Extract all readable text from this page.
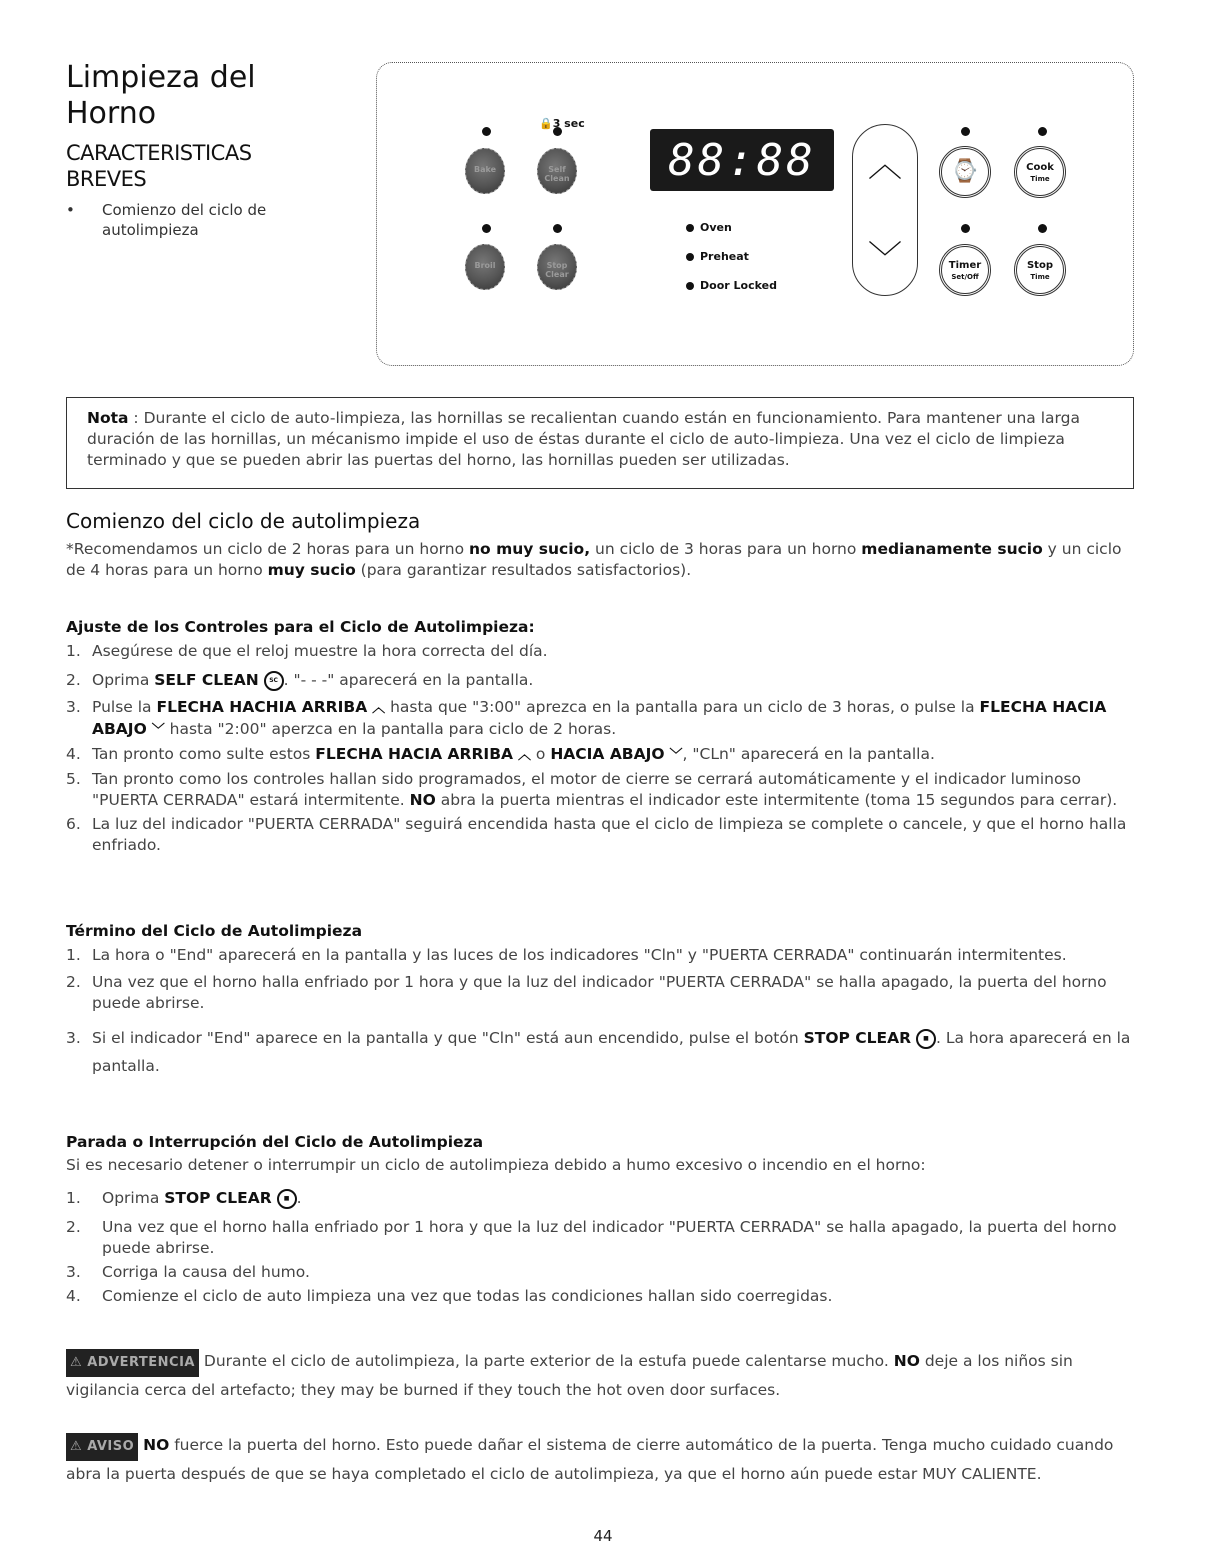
Limpieza del
Horno
CARACTERISTICAS
BREVES
•	Comienzo del ciclo de autolimpieza
🔒3 sec
Bake	Self Clean
Broil	Stop Clear
88:88
Oven
Preheat
Door Locked
︿
﹀
⌚	Cook
Time
Timer
Set/Off
Stop
Time
Nota : Durante el ciclo de auto-limpieza, las hornillas se recalientan cuando están en funcionamiento. Para mantener una larga duración de las hornillas, un mécanismo impide el uso de éstas durante el ciclo de auto-limpieza. Una vez el ciclo de limpieza terminado y que se pueden abrir las puertas del horno, las hornillas pueden ser utilizadas.
Comienzo del ciclo de autolimpieza
*Recomendamos un ciclo de 2 horas para un horno no muy sucio, un ciclo de 3 horas para un horno medianamente sucio y un ciclo de 4 horas para un horno muy sucio (para garantizar resultados satisfactorios).
Ajuste de los Controles para el Ciclo de Autolimpieza:
1. Asegúrese de que el reloj muestre la hora correcta del día.
2. Oprima SELF CLEAN SC . "- - -" aparecerá en la pantalla.
3. Pulse la FLECHA HACHIA ARRIBA ︿ hasta que "3:00" aprezca en la pantalla para un ciclo de 3 horas, o pulse la FLECHA HACIA ABAJO ﹀ hasta "2:00" aperzca en la pantalla para ciclo de 2 horas.
4. Tan pronto como sulte estos FLECHA HACIA ARRIBA ︿ o HACIA ABAJO ﹀, "CLn" aparecerá en la pantalla.
5. Tan pronto como los controles hallan sido programados, el motor de cierre se cerrará automáticamente y el indicador luminoso "PUERTA CERRADA" estará intermitente. NO abra la puerta mientras el indicador este intermitente (toma 15 segundos para cerrar).
6. La luz del indicador "PUERTA CERRADA" seguirá encendida hasta que el ciclo de limpieza se complete o cancele, y que el horno halla enfriado.
Término del Ciclo de Autolimpieza
1. La hora o "End" aparecerá en la pantalla y las luces de los indicadores "Cln" y "PUERTA CERRADA" continuarán intermitentes.
2. Una vez que el horno halla enfriado por 1 hora y que la luz del indicador "PUERTA CERRADA" se halla apagado, la puerta del horno puede abrirse.
3. Si el indicador "End" aparece en la pantalla y que "Cln" está aun encendido, pulse el botón STOP CLEAR ■ . La hora aparecerá en la pantalla.
Parada o Interrupción del Ciclo de Autolimpieza
Si es necesario detener o interrumpir un ciclo de autolimpieza debido a humo excesivo o incendio en el horno:
1. Oprima STOP CLEAR ■ .
2. Una vez que el horno halla enfriado por 1 hora y que la luz del indicador "PUERTA CERRADA" se halla apagado, la puerta del horno puede abrirse.
3. Corriga la causa del humo.
4. Comienze el ciclo de auto limpieza una vez que todas las condiciones hallan sido coerregidas.
⚠ ADVERTENCIA Durante el ciclo de autolimpieza, la parte exterior de la estufa puede calentarse mucho. NO deje a los niños sin vigilancia cerca del artefacto; they may be burned if they touch the hot oven door surfaces.
⚠ AVISO NO fuerce la puerta del horno. Esto puede dañar el sistema de cierre automático de la puerta. Tenga mucho cuidado cuando abra la puerta después de que se haya completado el ciclo de autolimpieza, ya que el horno aún puede estar MUY CALIENTE.
44
